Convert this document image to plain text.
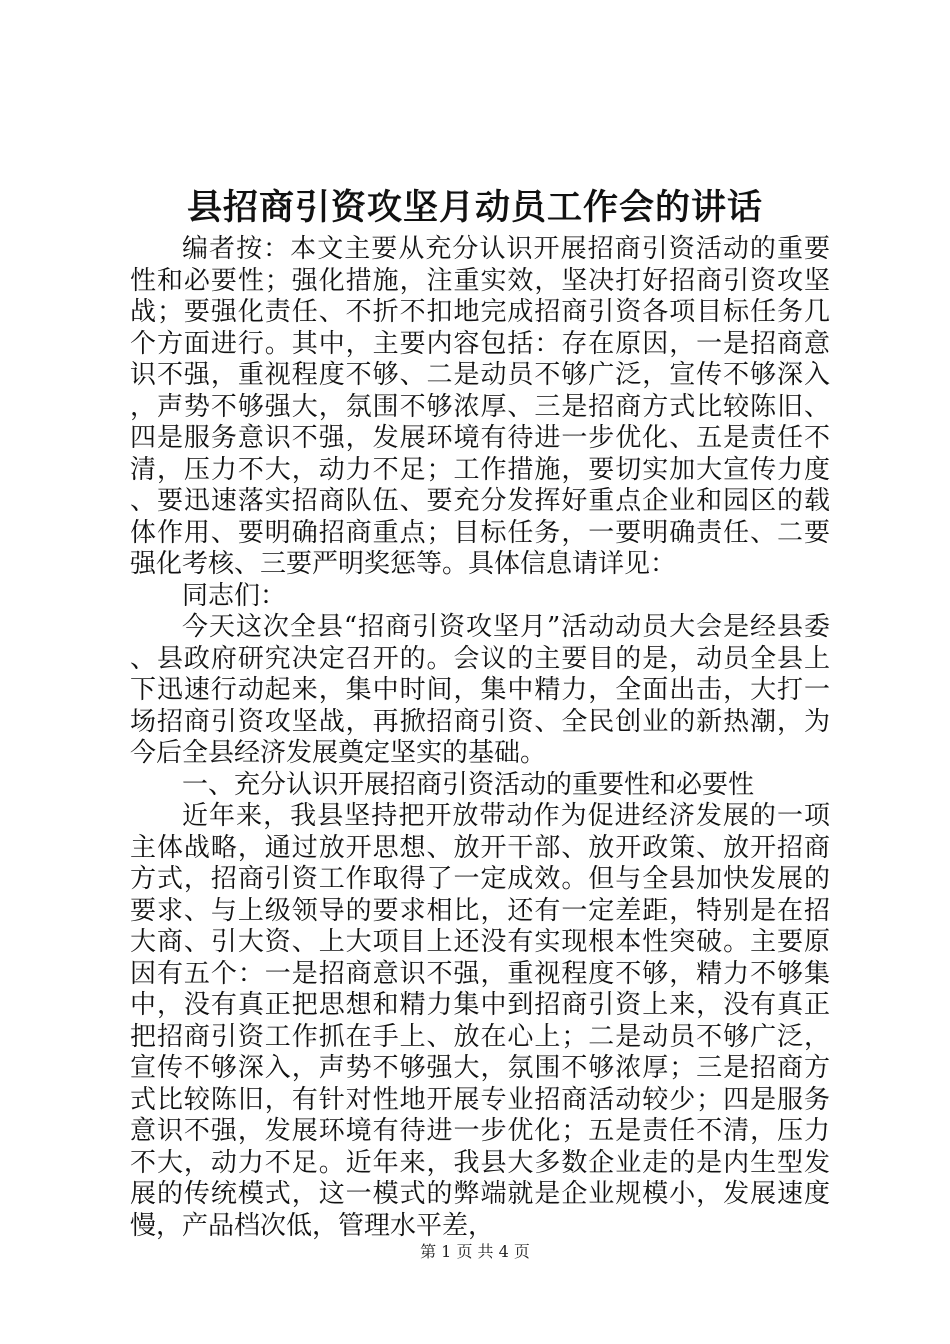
县招商引资攻坚月动员工作会的讲话

编者按：本文主要从充分认识开展招商引资活动的重要性和必要性；强化措施，注重实效，坚决打好招商引资攻坚战；要强化责任、不折不扣地完成招商引资各项目标任务几个方面进行。其中，主要内容包括：存在原因，一是招商意识不强，重视程度不够、二是动员不够广泛，宣传不够深入，声势不够强大，氛围不够浓厚、三是招商方式比较陈旧、四是服务意识不强，发展环境有待进一步优化、五是责任不清，压力不大，动力不足；工作措施，要切实加大宣传力度、要迅速落实招商队伍、要充分发挥好重点企业和园区的载体作用、要明确招商重点；目标任务，一要明确责任、二要强化考核、三要严明奖惩等。具体信息请详见：

同志们：

今天这次全县“招商引资攻坚月”活动动员大会是经县委、县政府研究决定召开的。会议的主要目的是，动员全县上下迅速行动起来，集中时间，集中精力，全面出击，大打一场招商引资攻坚战，再掀招商引资、全民创业的新热潮，为今后全县经济发展奠定坚实的基础。

一、充分认识开展招商引资活动的重要性和必要性

近年来，我县坚持把开放带动作为促进经济发展的一项主体战略，通过放开思想、放开干部、放开政策、放开招商方式，招商引资工作取得了一定成效。但与全县加快发展的要求、与上级领导的要求相比，还有一定差距，特别是在招大商、引大资、上大项目上还没有实现根本性突破。主要原因有五个：一是招商意识不强，重视程度不够，精力不够集中，没有真正把思想和精力集中到招商引资上来，没有真正把招商引资工作抓在手上、放在心上；二是动员不够广泛，宣传不够深入，声势不够强大，氛围不够浓厚；三是招商方式比较陈旧，有针对性地开展专业招商活动较少；四是服务意识不强，发展环境有待进一步优化；五是责任不清，压力不大，动力不足。近年来，我县大多数企业走的是内生型发展的传统模式，这一模式的弊端就是企业规模小，发展速度慢，产品档次低，管理水平差，

第 1 页 共 4 页
